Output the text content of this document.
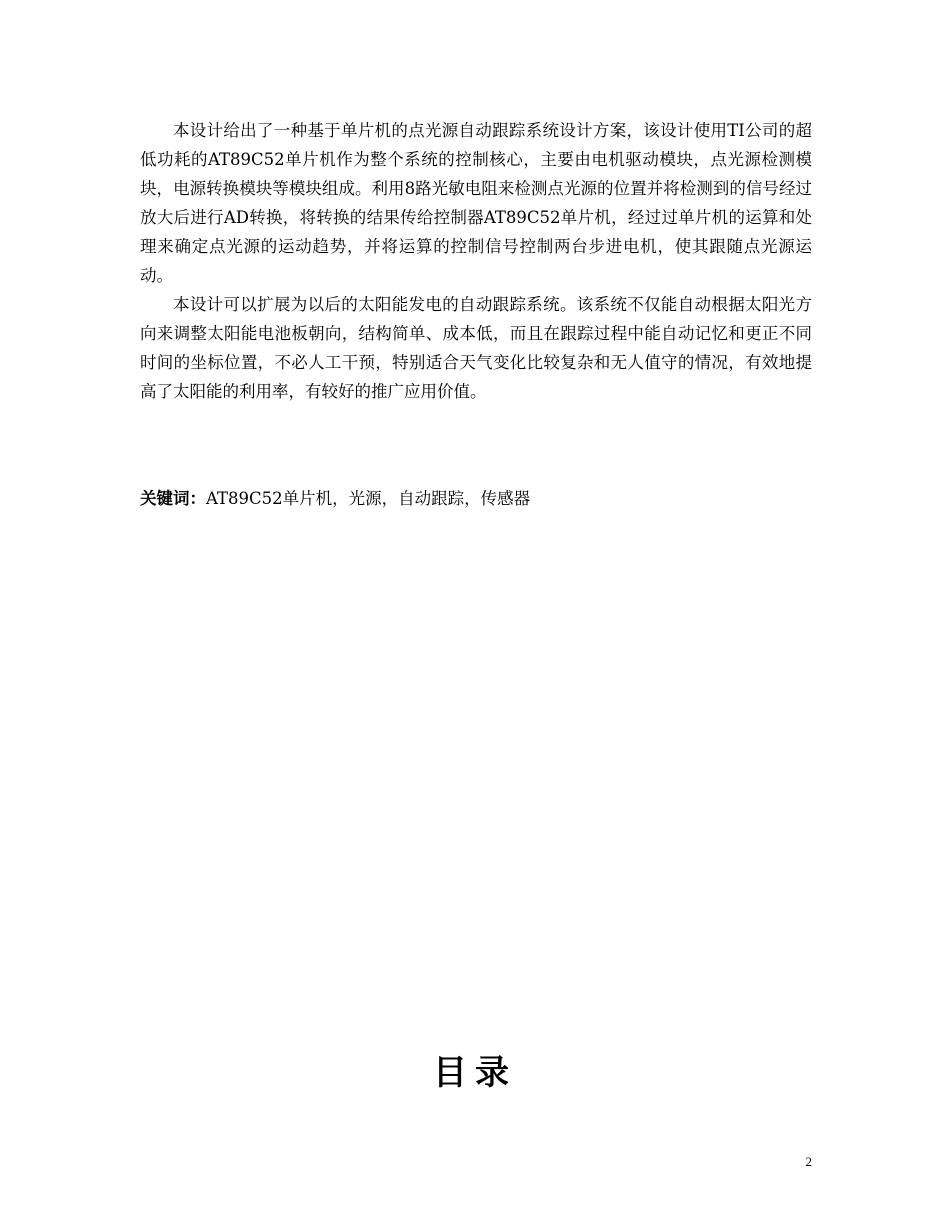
本设计给出了一种基于单片机的点光源自动跟踪系统设计方案，该设计使用TI公司的超低功耗的AT89C52单片机作为整个系统的控制核心，主要由电机驱动模块，点光源检测模块，电源转换模块等模块组成。利用8路光敏电阻来检测点光源的位置并将检测到的信号经过放大后进行AD转换，将转换的结果传给控制器AT89C52单片机，经过过单片机的运算和处理来确定点光源的运动趋势，并将运算的控制信号控制两台步进电机，使其跟随点光源运动。

本设计可以扩展为以后的太阳能发电的自动跟踪系统。该系统不仅能自动根据太阳光方向来调整太阳能电池板朝向，结构简单、成本低，而且在跟踪过程中能自动记忆和更正不同时间的坐标位置，不必人工干预，特别适合天气变化比较复杂和无人值守的情况，有效地提高了太阳能的利用率，有较好的推广应用价值。

关键词：AT89C52单片机，光源，自动跟踪，传感器

目录
2
